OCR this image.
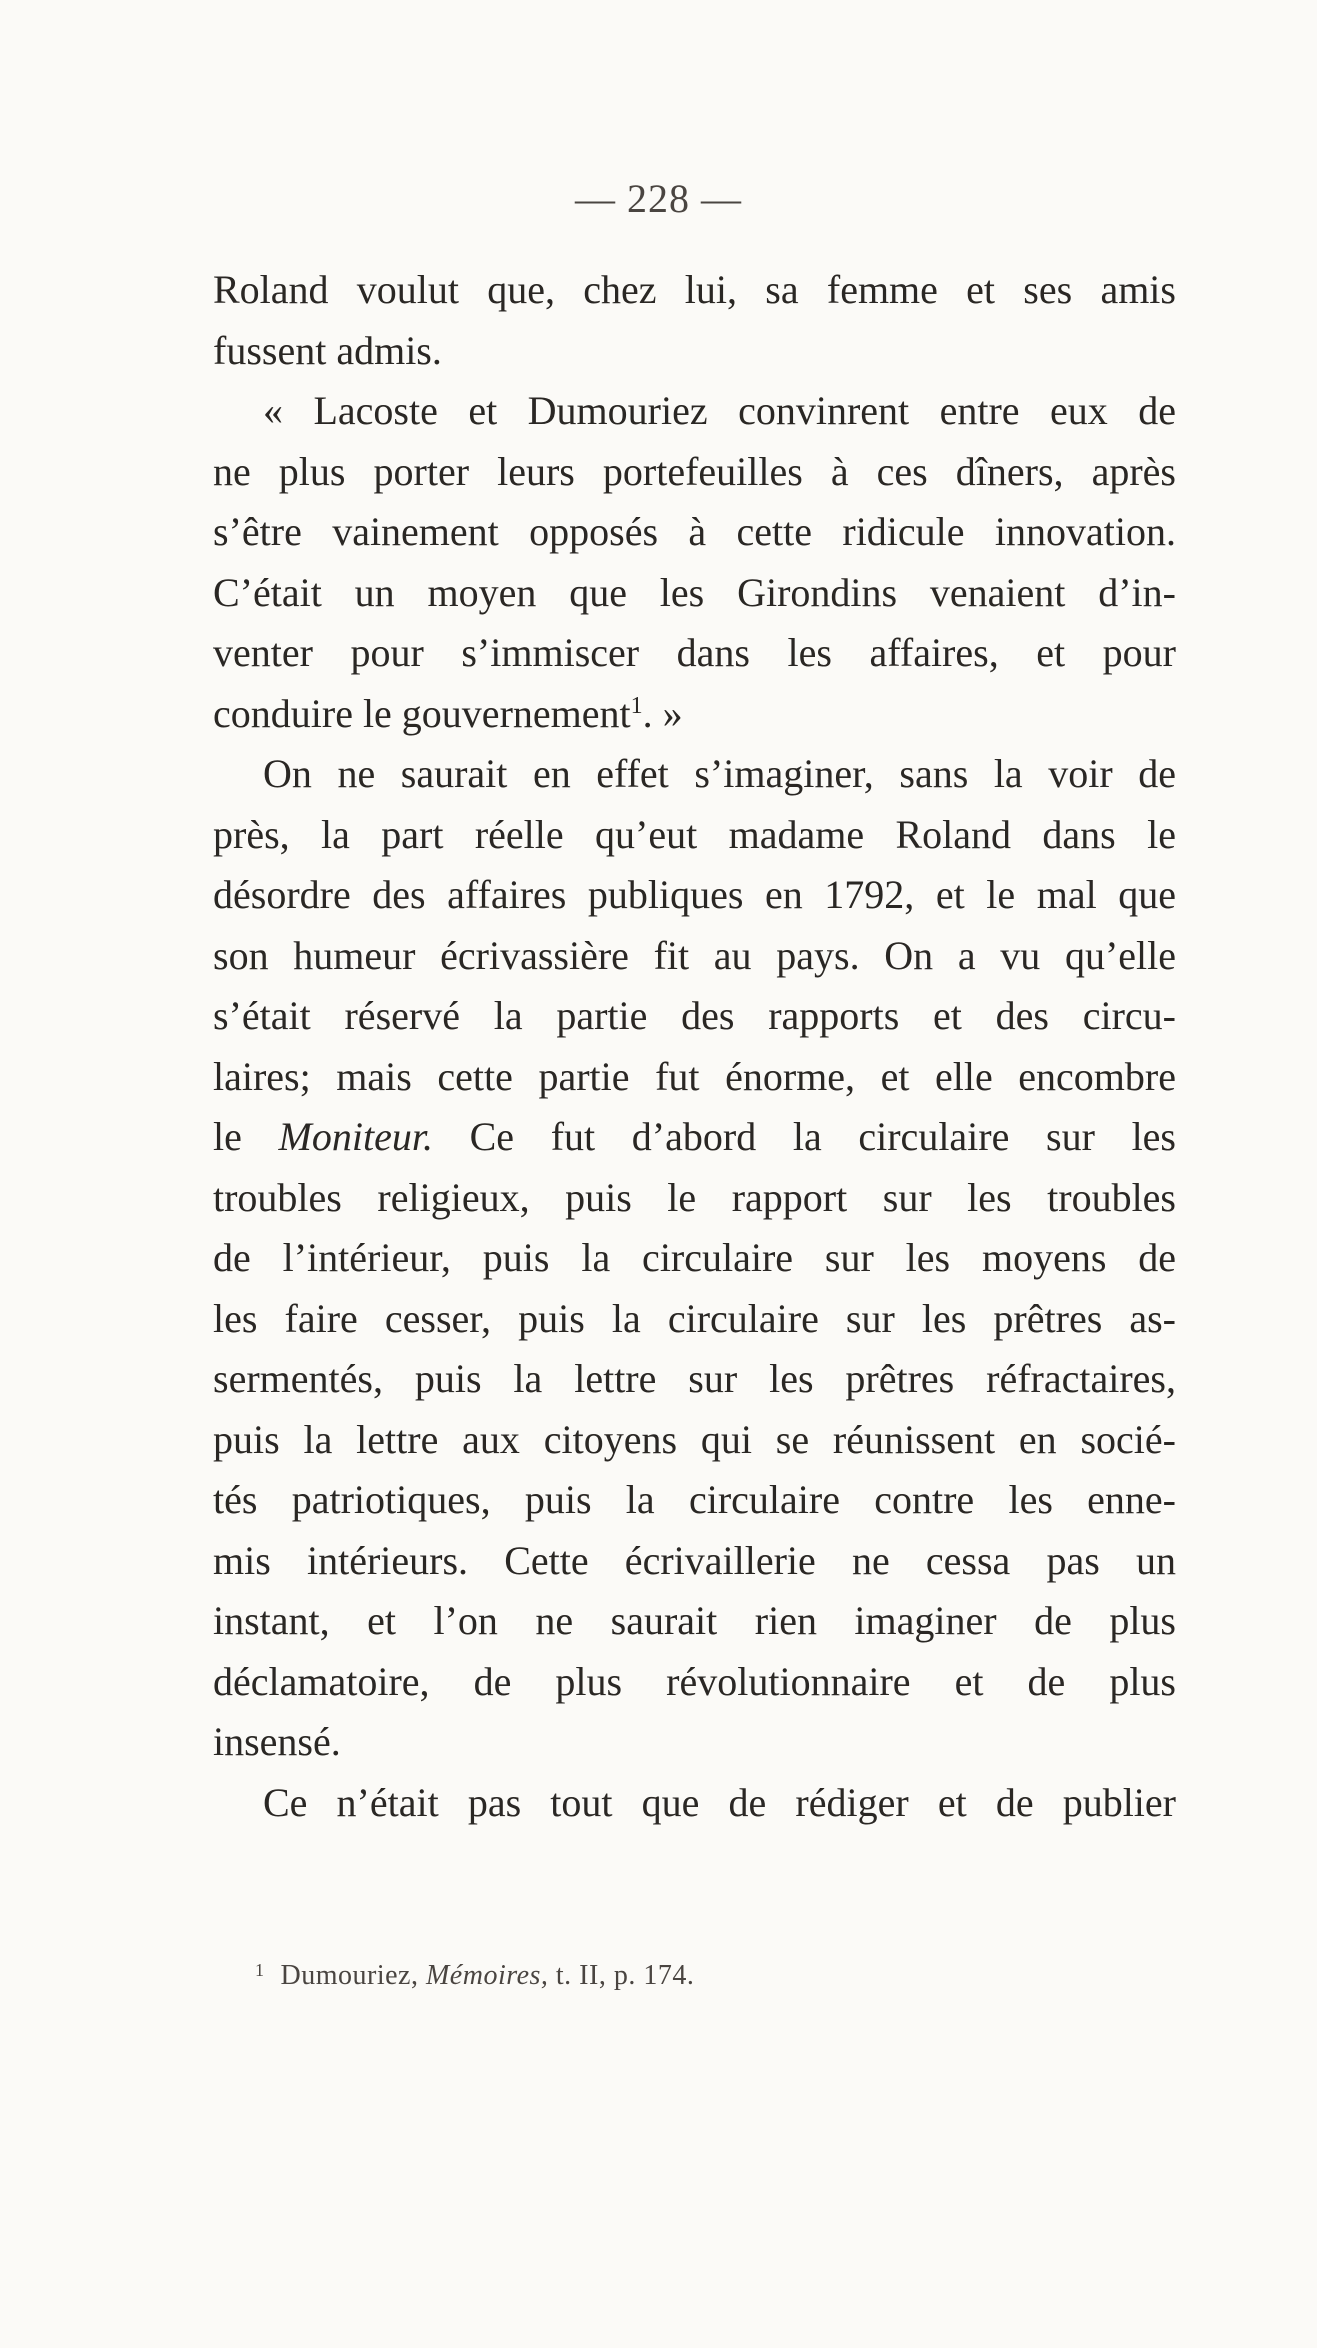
— 228 —
Roland voulut que, chez lui, sa femme et ses amis
fussent admis.
« Lacoste et Dumouriez convinrent entre eux de
ne plus porter leurs portefeuilles à ces dîners, après
s’être vainement opposés à cette ridicule innovation.
C’était un moyen que les Girondins venaient d’in-
venter pour s’immiscer dans les affaires, et pour
conduire le gouvernement$^1$. »
On ne saurait en effet s’imaginer, sans la voir de
près, la part réelle qu’eut madame Roland dans le
désordre des affaires publiques en 1792, et le mal que
son humeur écrivassière fit au pays. On a vu qu’elle
s’était réservé la partie des rapports et des circu-
laires; mais cette partie fut énorme, et elle encombre
le Moniteur. Ce fut d’abord la circulaire sur les
troubles religieux, puis le rapport sur les troubles
de l’intérieur, puis la circulaire sur les moyens de
les faire cesser, puis la circulaire sur les prêtres as-
sermentés, puis la lettre sur les prêtres réfractaires,
puis la lettre aux citoyens qui se réunissent en socié-
tés patriotiques, puis la circulaire contre les enne-
mis intérieurs. Cette écrivaillerie ne cessa pas un
instant, et l’on ne saurait rien imaginer de plus
déclamatoire, de plus révolutionnaire et de plus
insensé.
Ce n’était pas tout que de rédiger et de publier
$^1$ Dumouriez, Mémoires, t. II, p. 174.
